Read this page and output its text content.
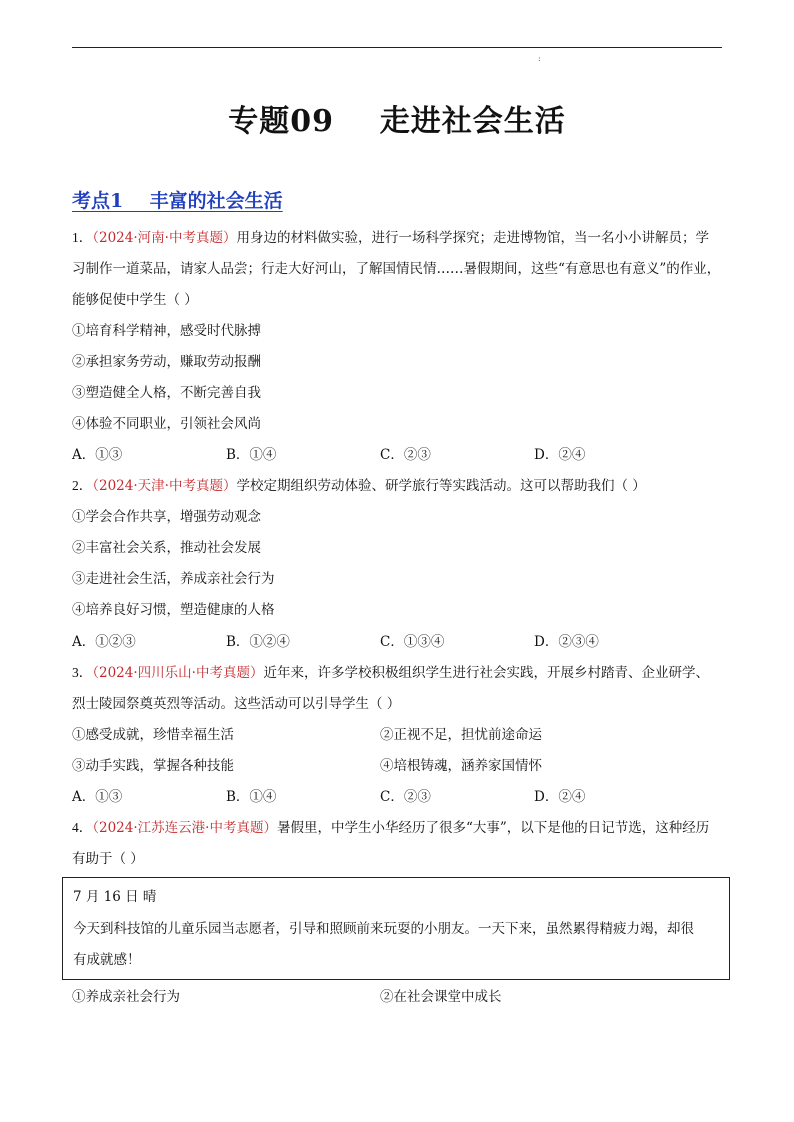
:
专题09    走进社会生活
考点1    丰富的社会生活
1．（2024·河南·中考真题）用身边的材料做实验，进行一场科学探究；走进博物馆，当一名小小讲解员；学
习制作一道菜品，请家人品尝；行走大好河山，了解国情民情……暑假期间，这些“有意思也有意义”的作业，
能够促使中学生（ ）
①培育科学精神，感受时代脉搏
②承担家务劳动，赚取劳动报酬
③塑造健全人格，不断完善自我
④体验不同职业，引领社会风尚
A．①③	B．①④	C．②③	D．②④
2．（2024·天津·中考真题）学校定期组织劳动体验、研学旅行等实践活动。这可以帮助我们（ ）
①学会合作共享，增强劳动观念
②丰富社会关系，推动社会发展
③走进社会生活，养成亲社会行为
④培养良好习惯，塑造健康的人格
A．①②③	B．①②④	C．①③④	D．②③④
3．（2024·四川乐山·中考真题）近年来，许多学校积极组织学生进行社会实践，开展乡村踏青、企业研学、
烈士陵园祭奠英烈等活动。这些活动可以引导学生（ ）
①感受成就，珍惜幸福生活	②正视不足，担忧前途命运
③动手实践，掌握各种技能	④培根铸魂，涵养家国情怀
A．①③	B．①④	C．②③	D．②④
4．（2024·江苏连云港·中考真题）暑假里，中学生小华经历了很多“大事”，以下是他的日记节选，这种经历
有助于（ ）
7 月 16 日 晴
今天到科技馆的儿童乐园当志愿者，引导和照顾前来玩耍的小朋友。一天下来，虽然累得精疲力竭，却很
有成就感！
①养成亲社会行为	②在社会课堂中成长
